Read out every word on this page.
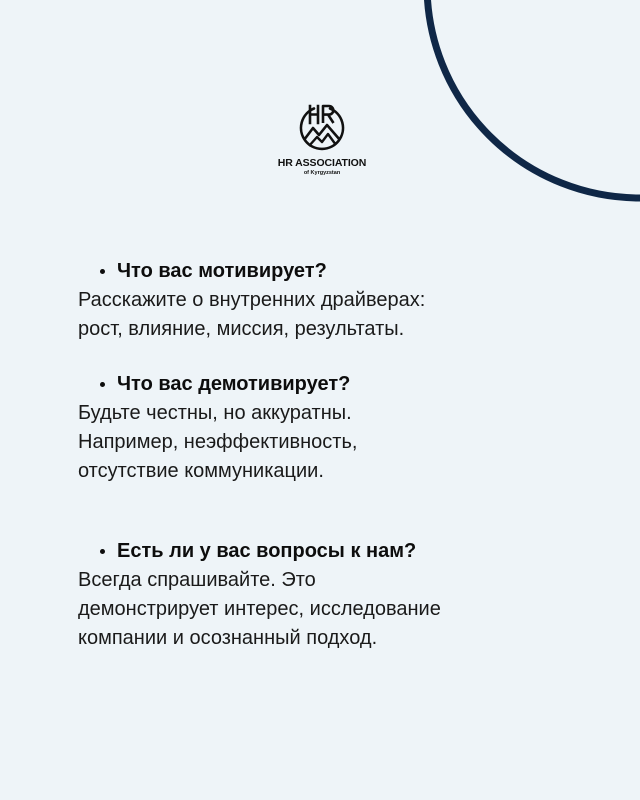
HR ASSOCIATION
of Kyrgyzstan
Что вас мотивирует?
Расскажите о внутренних драйверах:
рост, влияние, миссия, результаты.
Что вас демотивирует?
Будьте честны, но аккуратны.
Например, неэффективность,
отсутствие коммуникации.
Есть ли у вас вопросы к нам?
Всегда спрашивайте. Это
демонстрирует интерес, исследование
компании и осознанный подход.
